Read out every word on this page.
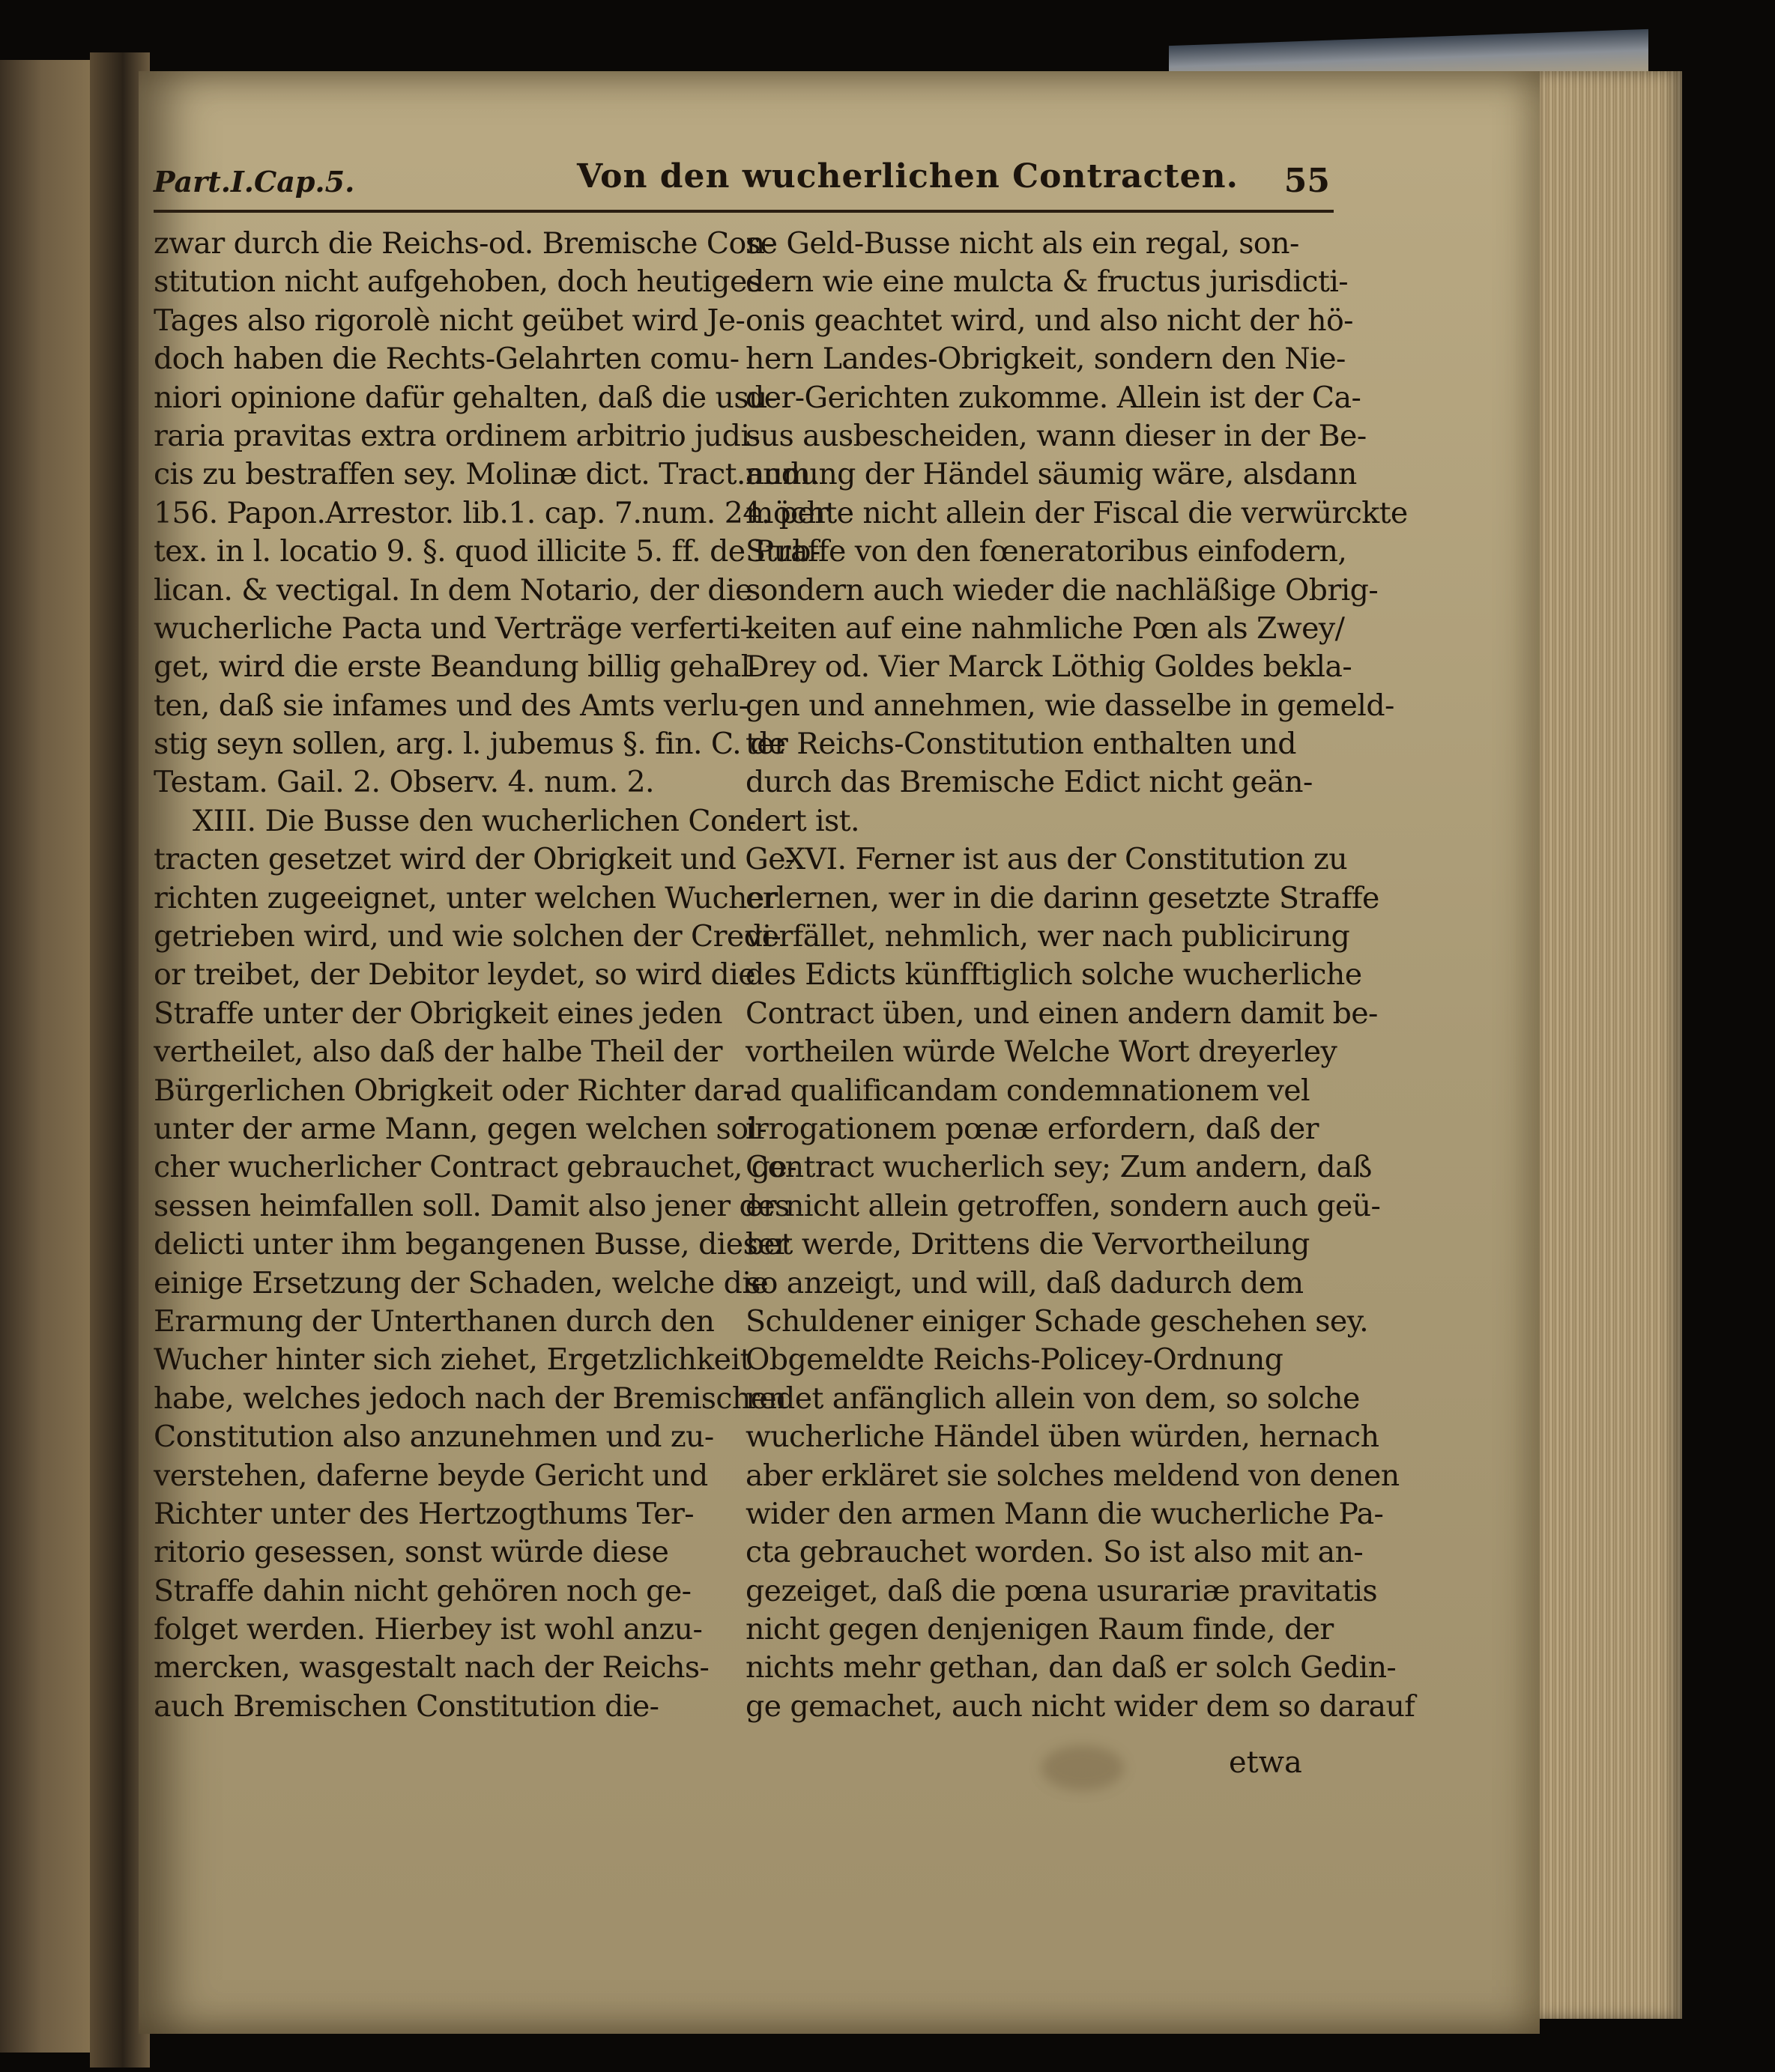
Part.I.Cap.5.	Von den wucherlichen Contracten. 55
zwar durch die Reichs-od. Bremische Con-
stitution nicht aufgehoben, doch heutiges
Tages also rigorolè nicht geübet wird Je-
doch haben die Rechts-Gelahrten comu-
niori opinione dafür gehalten, daß die usu-
raria pravitas extra ordinem arbitrio judi-
cis zu bestraffen sey. Molinæ dict. Tract.num.
156. Papon.Arrestor. lib.1. cap. 7.num. 24. per
tex. in l. locatio 9. §. quod illicite 5. ff. de Pub-
lican. & vectigal. In dem Notario, der die
wucherliche Pacta und Verträge verferti-
get, wird die erste Beandung billig gehal-
ten, daß sie infames und des Amts verlu-
stig seyn sollen, arg. l. jubemus §. fin. C. de
Testam. Gail. 2. Observ. 4. num. 2.
XIII. Die Busse den wucherlichen Con-
tracten gesetzet wird der Obrigkeit und Ge-
richten zugeeignet, unter welchen Wucher
getrieben wird, und wie solchen der Credi-
or treibet, der Debitor leydet, so wird die
Straffe unter der Obrigkeit eines jeden
vertheilet, also daß der halbe Theil der
Bürgerlichen Obrigkeit oder Richter dar-
unter der arme Mann, gegen welchen sol-
cher wucherlicher Contract gebrauchet, ge-
sessen heimfallen soll. Damit also jener des
delicti unter ihm begangenen Busse, dieser
einige Ersetzung der Schaden, welche die
Erarmung der Unterthanen durch den
Wucher hinter sich ziehet, Ergetzlichkeit
habe, welches jedoch nach der Bremischen
Constitution also anzunehmen und zu-
verstehen, daferne beyde Gericht und
Richter unter des Hertzogthums Ter-
ritorio gesessen, sonst würde diese
Straffe dahin nicht gehören noch ge-
folget werden. Hierbey ist wohl anzu-
mercken, wasgestalt nach der Reichs-
auch Bremischen Constitution die-
se Geld-Busse nicht als ein regal, son-
dern wie eine mulcta & fructus jurisdicti-
onis geachtet wird, und also nicht der hö-
hern Landes-Obrigkeit, sondern den Nie-
der-Gerichten zukomme. Allein ist der Ca-
sus ausbescheiden, wann dieser in der Be-
andung der Händel säumig wäre, alsdann
möchte nicht allein der Fiscal die verwürckte
Straffe von den fœneratoribus einfodern,
sondern auch wieder die nachläßige Obrig-
keiten auf eine nahmliche Pœn als Zwey/
Drey od. Vier Marck Löthig Goldes bekla-
gen und annehmen, wie dasselbe in gemeld-
ter Reichs-Constitution enthalten und
durch das Bremische Edict nicht geän-
dert ist.
XVI. Ferner ist aus der Constitution zu
erlernen, wer in die darinn gesetzte Straffe
verfället, nehmlich, wer nach publicirung
des Edicts künfftiglich solche wucherliche
Contract üben, und einen andern damit be-
vortheilen würde Welche Wort dreyerley
ad qualificandam condemnationem vel
irrogationem pœnæ erfordern, daß der
Contract wucherlich sey; Zum andern, daß
er nicht allein getroffen, sondern auch geü-
bet werde, Drittens die Vervortheilung
so anzeigt, und will, daß dadurch dem
Schuldener einiger Schade geschehen sey.
Obgemeldte Reichs-Policey-Ordnung
redet anfänglich allein von dem, so solche
wucherliche Händel üben würden, hernach
aber erkläret sie solches meldend von denen
wider den armen Mann die wucherliche Pa-
cta gebrauchet worden. So ist also mit an-
gezeiget, daß die pœna usurariæ pravitatis
nicht gegen denjenigen Raum finde, der
nichts mehr gethan, dan daß er solch Gedin-
ge gemachet, auch nicht wider dem so darauf
etwa
